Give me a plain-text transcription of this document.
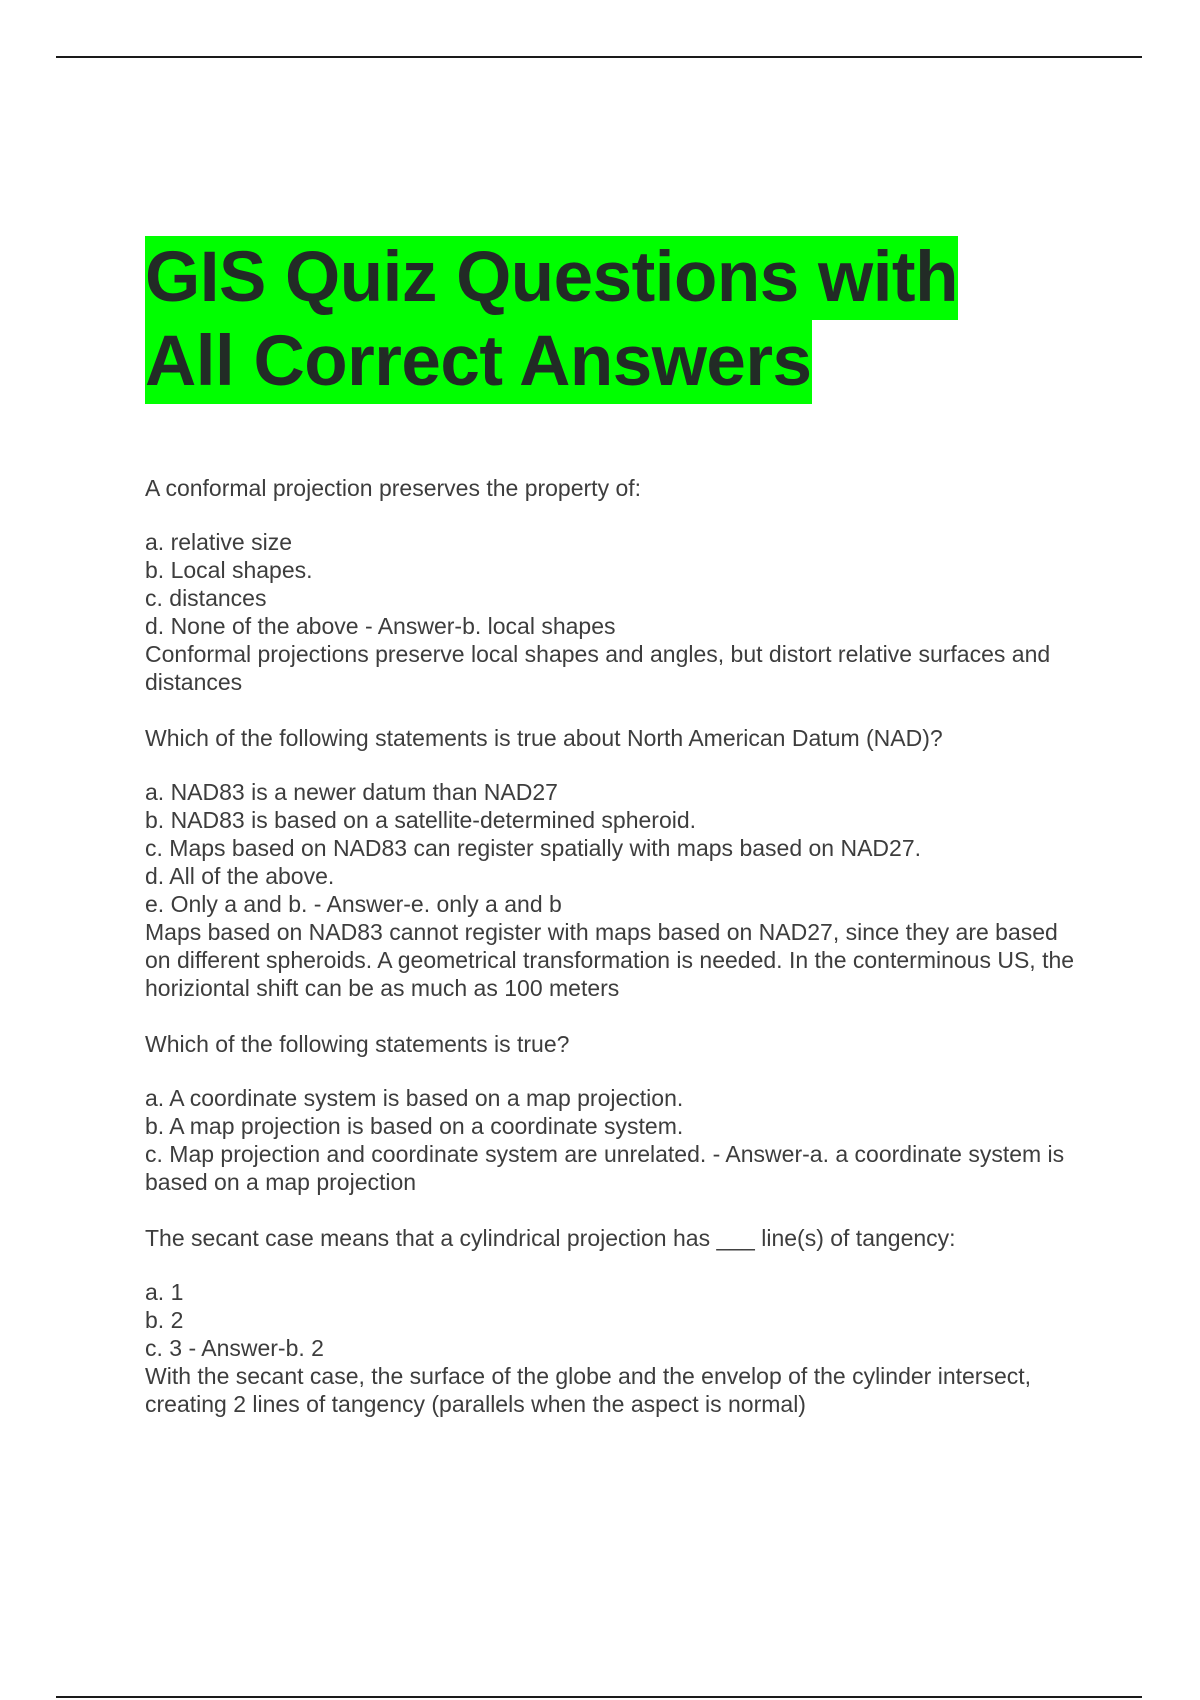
GIS Quiz Questions with
All Correct Answers

A conformal projection preserves the property of:

a. relative size
b. Local shapes.
c. distances
d. None of the above - Answer-b. local shapes

Conformal projections preserve local shapes and angles, but distort relative surfaces and distances

Which of the following statements is true about North American Datum (NAD)?

a. NAD83 is a newer datum than NAD27
b. NAD83 is based on a satellite-determined spheroid.
c. Maps based on NAD83 can register spatially with maps based on NAD27.
d. All of the above.
e. Only a and b. - Answer-e. only a and b

Maps based on NAD83 cannot register with maps based on NAD27, since they are based on different spheroids. A geometrical transformation is needed. In the conterminous US, the horiziontal shift can be as much as 100 meters

Which of the following statements is true?

a. A coordinate system is based on a map projection.
b. A map projection is based on a coordinate system.
c. Map projection and coordinate system are unrelated. - Answer-a. a coordinate system is based on a map projection

The secant case means that a cylindrical projection has ___ line(s) of tangency:

a. 1
b. 2
c. 3 - Answer-b. 2

With the secant case, the surface of the globe and the envelop of the cylinder intersect, creating 2 lines of tangency (parallels when the aspect is normal)
